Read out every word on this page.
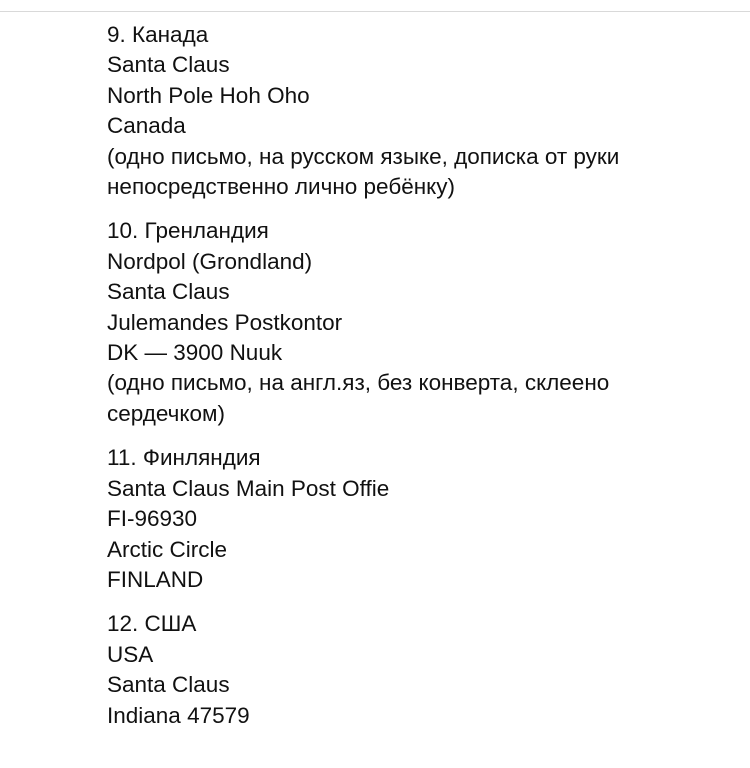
9. Канада
Santa Claus
North Pole Hoh Oho
Canada
(одно письмо, на русском языке, дописка от руки
непосредственно лично ребёнку)
10. Гренландия
Nordpol (Grondland)
Santa Claus
Julemandes Postkontor
DK — 3900 Nuuk
(одно письмо, на англ.яз, без конверта, склеено
сердечком)
11. Финляндия
Santa Claus Main Post Offie
FI-96930
Arctic Circle
FINLAND
12. США
USA
Santa Claus
Indiana 47579
